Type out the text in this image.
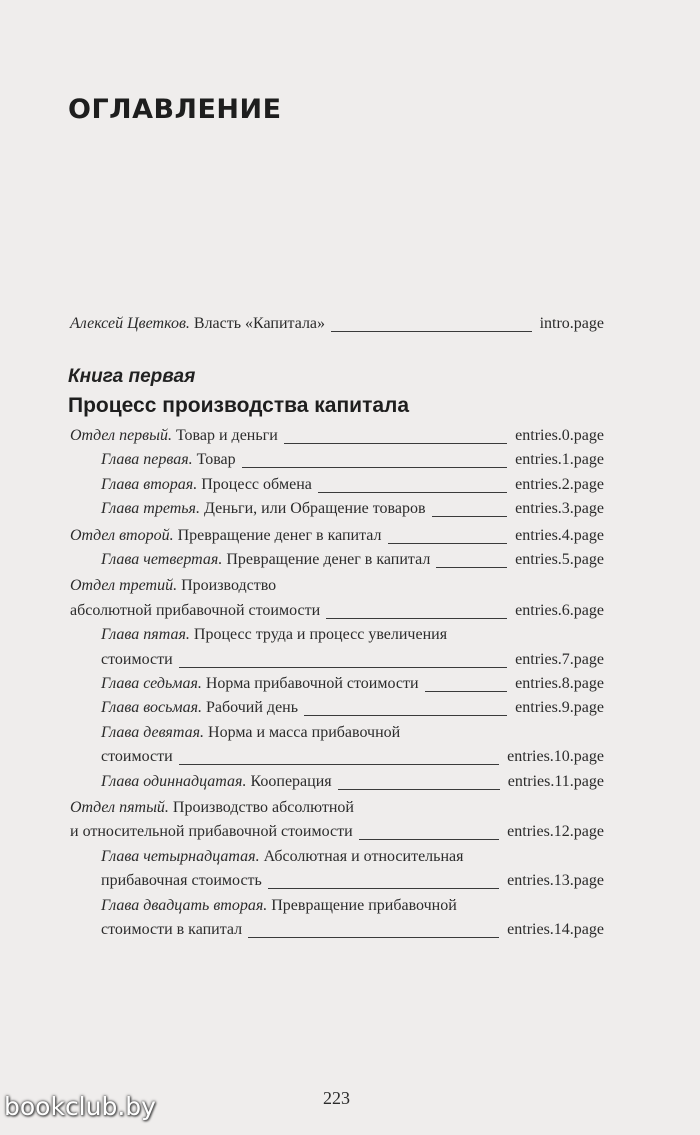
ОГЛАВЛЕНИЕ
Книга первая
Процесс производства капитала
Алексей Цветков. Власть «Капитала»	intro.page
Отдел первый. Товар и деньги	entries.0.page
Глава первая. Товар	entries.1.page
Глава вторая. Процесс обмена	entries.2.page
Глава третья. Деньги, или Обращение товаров	entries.3.page
Отдел второй. Превращение денег в капитал	entries.4.page
Глава четвертая. Превращение денег в капитал	entries.5.page
Отдел третий. Производство
абсолютной прибавочной стоимости	entries.6.page
Глава пятая. Процесс труда и процесс увеличения
стоимости	entries.7.page
Глава седьмая. Норма прибавочной стоимости	entries.8.page
Глава восьмая. Рабочий день	entries.9.page
Глава девятая. Норма и масса прибавочной
стоимости	entries.10.page
Глава одиннадцатая. Кооперация	entries.11.page
Отдел пятый. Производство абсолютной
и относительной прибавочной стоимости	entries.12.page
Глава четырнадцатая. Абсолютная и относительная
прибавочная стоимость	entries.13.page
Глава двадцать вторая. Превращение прибавочной
стоимости в капитал	entries.14.page
223
bookclub.by
